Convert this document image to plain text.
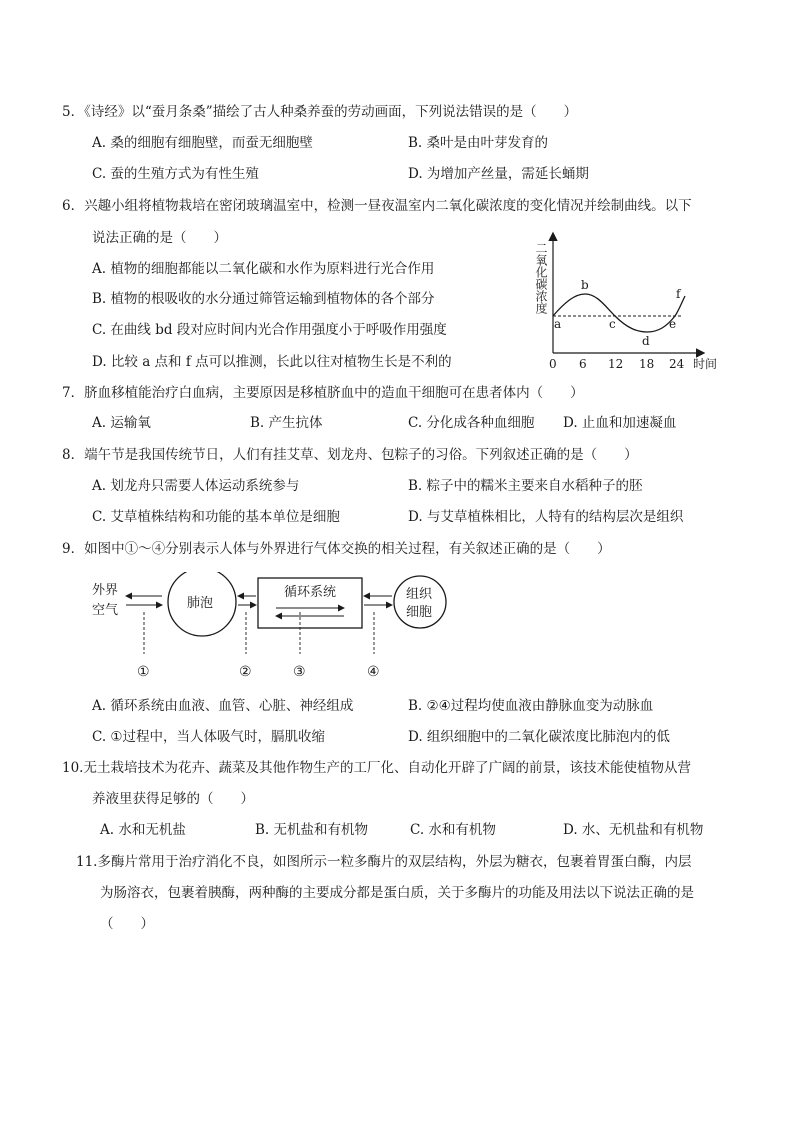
5．《诗经》以“蚕月条桑”描绘了古人种桑养蚕的劳动画面，下列说法错误的是（　　）
A. 桑的细胞有细胞壁，而蚕无细胞壁	B. 桑叶是由叶芽发育的
C. 蚕的生殖方式为有性生殖	D. 为增加产丝量，需延长蛹期
6．兴趣小组将植物栽培在密闭玻璃温室中，检测一昼夜温室内二氧化碳浓度的变化情况并绘制曲线。以下
说法正确的是（　　）
A. 植物的细胞都能以二氧化碳和水作为原料进行光合作用
B. 植物的根吸收的水分通过筛管运输到植物体的各个部分
C. 在曲线 bd 段对应时间内光合作用强度小于呼吸作用强度
D. 比较 a 点和 f 点可以推测，长此以往对植物生长是不利的
二氧化碳浓度
a
b
c
d
e
f
0 6 12 18 24 时间
7．脐血移植能治疗白血病，主要原因是移植脐血中的造血干细胞可在患者体内（　　）
A. 运输氧	B. 产生抗体	C. 分化成各种血细胞 D. 止血和加速凝血
8．端午节是我国传统节日，人们有挂艾草、划龙舟、包粽子的习俗。下列叙述正确的是（　　）
A. 划龙舟只需要人体运动系统参与	B. 粽子中的糯米主要来自水稻种子的胚
C. 艾草植株结构和功能的基本单位是细胞	D. 与艾草植株相比，人特有的结构层次是组织
9．如图中①～④分别表示人体与外界进行气体交换的相关过程，有关叙述正确的是（　　）
外界
空气	肺泡
循环系统	组织
细胞
①	②	③	④
A. 循环系统由血液、血管、心脏、神经组成	B. ②④过程均使血液由静脉血变为动脉血
C. ①过程中，当人体吸气时，膈肌收缩	D. 组织细胞中的二氧化碳浓度比肺泡内的低
10.无土栽培技术为花卉、蔬菜及其他作物生产的工厂化、自动化开辟了广阔的前景，该技术能使植物从营
养液里获得足够的（　　）
A. 水和无机盐	B. 无机盐和有机物	C. 水和有机物	D. 水、无机盐和有机物
11.多酶片常用于治疗消化不良，如图所示一粒多酶片的双层结构，外层为糖衣，包裹着胃蛋白酶，内层
为肠溶衣，包裹着胰酶，两种酶的主要成分都是蛋白质，关于多酶片的功能及用法以下说法正确的是
（　　）
